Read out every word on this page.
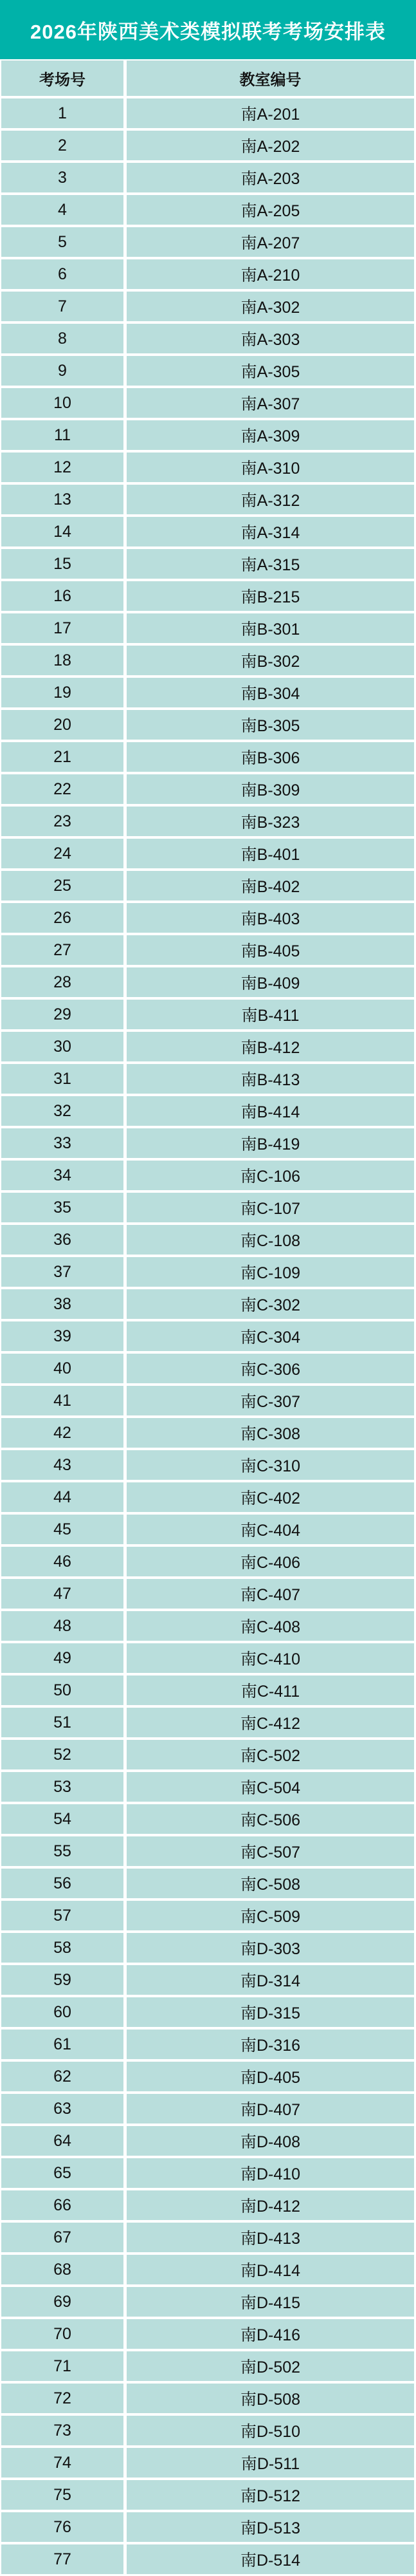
2026年陕西美术类模拟联考考场安排表
考场号	教室编号
1	南A-201
2	南A-202
3	南A-203
4	南A-205
5	南A-207
6	南A-210
7	南A-302
8	南A-303
9	南A-305
10	南A-307
11	南A-309
12	南A-310
13	南A-312
14	南A-314
15	南A-315
16	南B-215
17	南B-301
18	南B-302
19	南B-304
20	南B-305
21	南B-306
22	南B-309
23	南B-323
24	南B-401
25	南B-402
26	南B-403
27	南B-405
28	南B-409
29	南B-411
30	南B-412
31	南B-413
32	南B-414
33	南B-419
34	南C-106
35	南C-107
36	南C-108
37	南C-109
38	南C-302
39	南C-304
40	南C-306
41	南C-307
42	南C-308
43	南C-310
44	南C-402
45	南C-404
46	南C-406
47	南C-407
48	南C-408
49	南C-410
50	南C-411
51	南C-412
52	南C-502
53	南C-504
54	南C-506
55	南C-507
56	南C-508
57	南C-509
58	南D-303
59	南D-314
60	南D-315
61	南D-316
62	南D-405
63	南D-407
64	南D-408
65	南D-410
66	南D-412
67	南D-413
68	南D-414
69	南D-415
70	南D-416
71	南D-502
72	南D-508
73	南D-510
74	南D-511
75	南D-512
76	南D-513
77	南D-514
